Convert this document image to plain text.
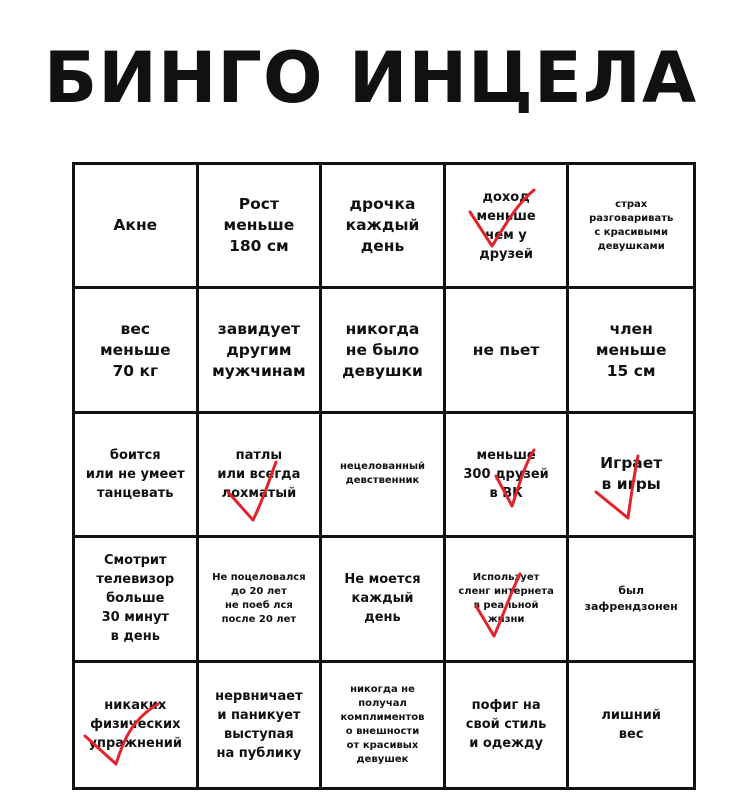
БИНГО ИНЦЕЛА
Акне
Рост
меньше
180 см
дрочка
каждый
день
доход
меньше
чем у
друзей
страх
разговаривать
с красивыми
девушками
вес
меньше
70 кг
завидует
другим
мужчинам
никогда
не было
девушки
не пьет
член
меньше
15 см
боится
или не умеет
танцевать
патлы
или всегда
лохматый
нецелованный
девственник
меньше
300 друзей
в ВК
Играет
в игры
Смотрит
телевизор
больше
30 минут
в день
Не поцеловался
до 20 лет
не поеб лся
после 20 лет
Не моется
каждый
день
Использует
сленг интернета
в реальной
жизни
был
зафрендзонен
никаких
физических
упражнений
нервничает
и паникует
выступая
на публику
никогда не
получал
комплиментов
о внешности
от красивых
девушек
пофиг на
свой стиль
и одежду
лишний
вес
